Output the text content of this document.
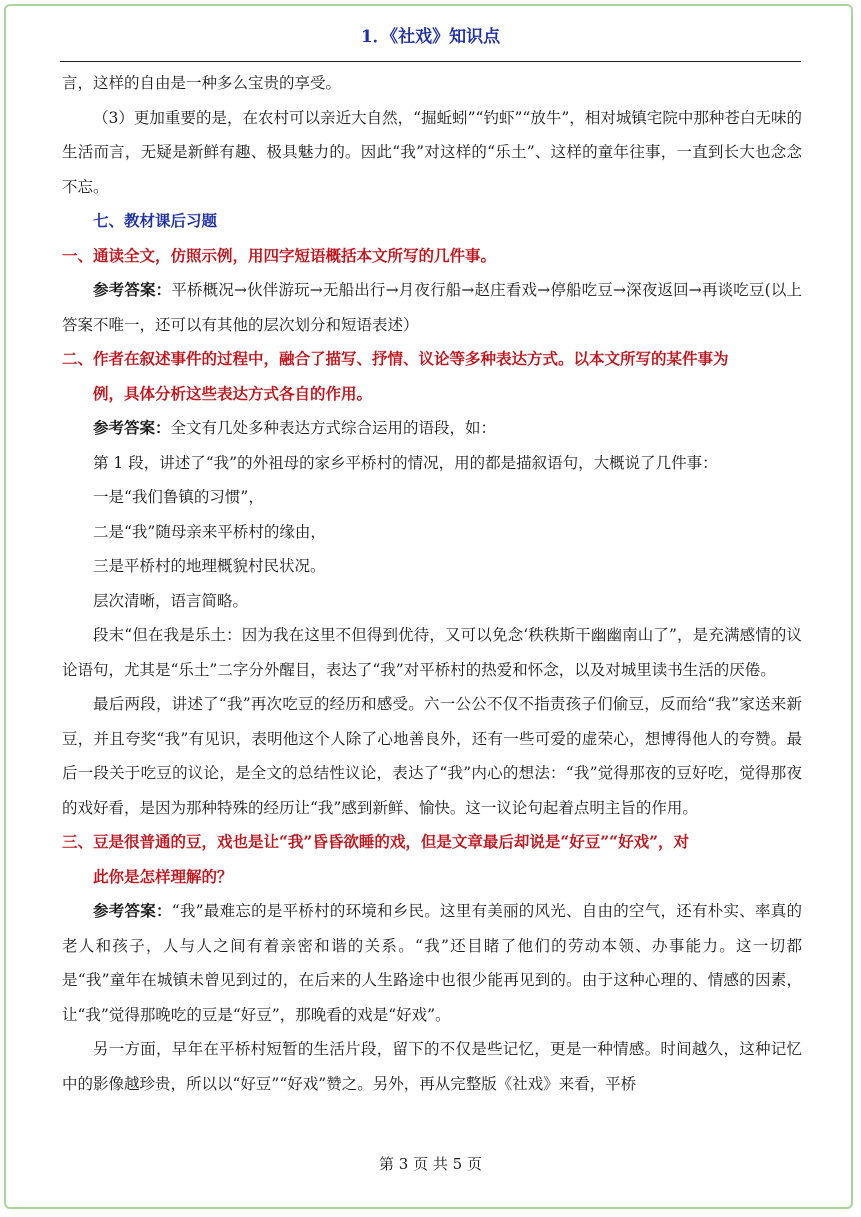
1．《社戏》知识点

言，这样的自由是一种多么宝贵的享受。

（3）更加重要的是，在农村可以亲近大自然，“掘蚯蚓”“钓虾”“放牛”，相对城镇宅院中那种苍白无味的生活而言，无疑是新鲜有趣、极具魅力的。因此“我”对这样的“乐土”、这样的童年往事，一直到长大也念念不忘。

七、教材课后习题

一、通读全文，仿照示例，用四字短语概括本文所写的几件事。

参考答案：平桥概况→伙伴游玩→无船出行→月夜行船→赵庄看戏→停船吃豆→深夜返回→再谈吃豆(以上答案不唯一，还可以有其他的层次划分和短语表述）

二、作者在叙述事件的过程中，融合了描写、抒情、议论等多种表达方式。以本文所写的某件事为

例，具体分析这些表达方式各自的作用。

参考答案：全文有几处多种表达方式综合运用的语段，如：

第 1 段，讲述了“我”的外祖母的家乡平桥村的情况，用的都是描叙语句，大概说了几件事：

一是“我们鲁镇的习惯”，

二是“我”随母亲来平桥村的缘由，

三是平桥村的地理概貌村民状况。

层次清晰，语言简略。

段末“但在我是乐土：因为我在这里不但得到优待，又可以免念‘秩秩斯干幽幽南山了”，是充满感情的议论语句，尤其是“乐土”二字分外醒目，表达了“我”对平桥村的热爱和怀念，以及对城里读书生活的厌倦。

最后两段，讲述了“我”再次吃豆的经历和感受。六一公公不仅不指责孩子们偷豆，反而给“我”家送来新豆，并且夸奖“我”有见识，表明他这个人除了心地善良外，还有一些可爱的虚荣心，想博得他人的夸赞。最后一段关于吃豆的议论，是全文的总结性议论，表达了“我”内心的想法：“我”觉得那夜的豆好吃，觉得那夜的戏好看，是因为那种特殊的经历让“我”感到新鲜、愉快。这一议论句起着点明主旨的作用。

三、豆是很普通的豆，戏也是让“我”昏昏欲睡的戏，但是文章最后却说是“好豆”“好戏”，对

此你是怎样理解的？

参考答案：“我”最难忘的是平桥村的环境和乡民。这里有美丽的风光、自由的空气，还有朴实、率真的老人和孩子，人与人之间有着亲密和谐的关系。“我”还目睹了他们的劳动本领、办事能力。这一切都是“我”童年在城镇未曾见到过的，在后来的人生路途中也很少能再见到的。由于这种心理的、情感的因素，让“我”觉得那晚吃的豆是“好豆”，那晚看的戏是“好戏”。

另一方面，早年在平桥村短暂的生活片段，留下的不仅是些记忆，更是一种情感。时间越久，这种记忆中的影像越珍贵，所以以“好豆”“好戏”赞之。另外，再从完整版《社戏》来看，平桥

第 3 页 共 5 页
